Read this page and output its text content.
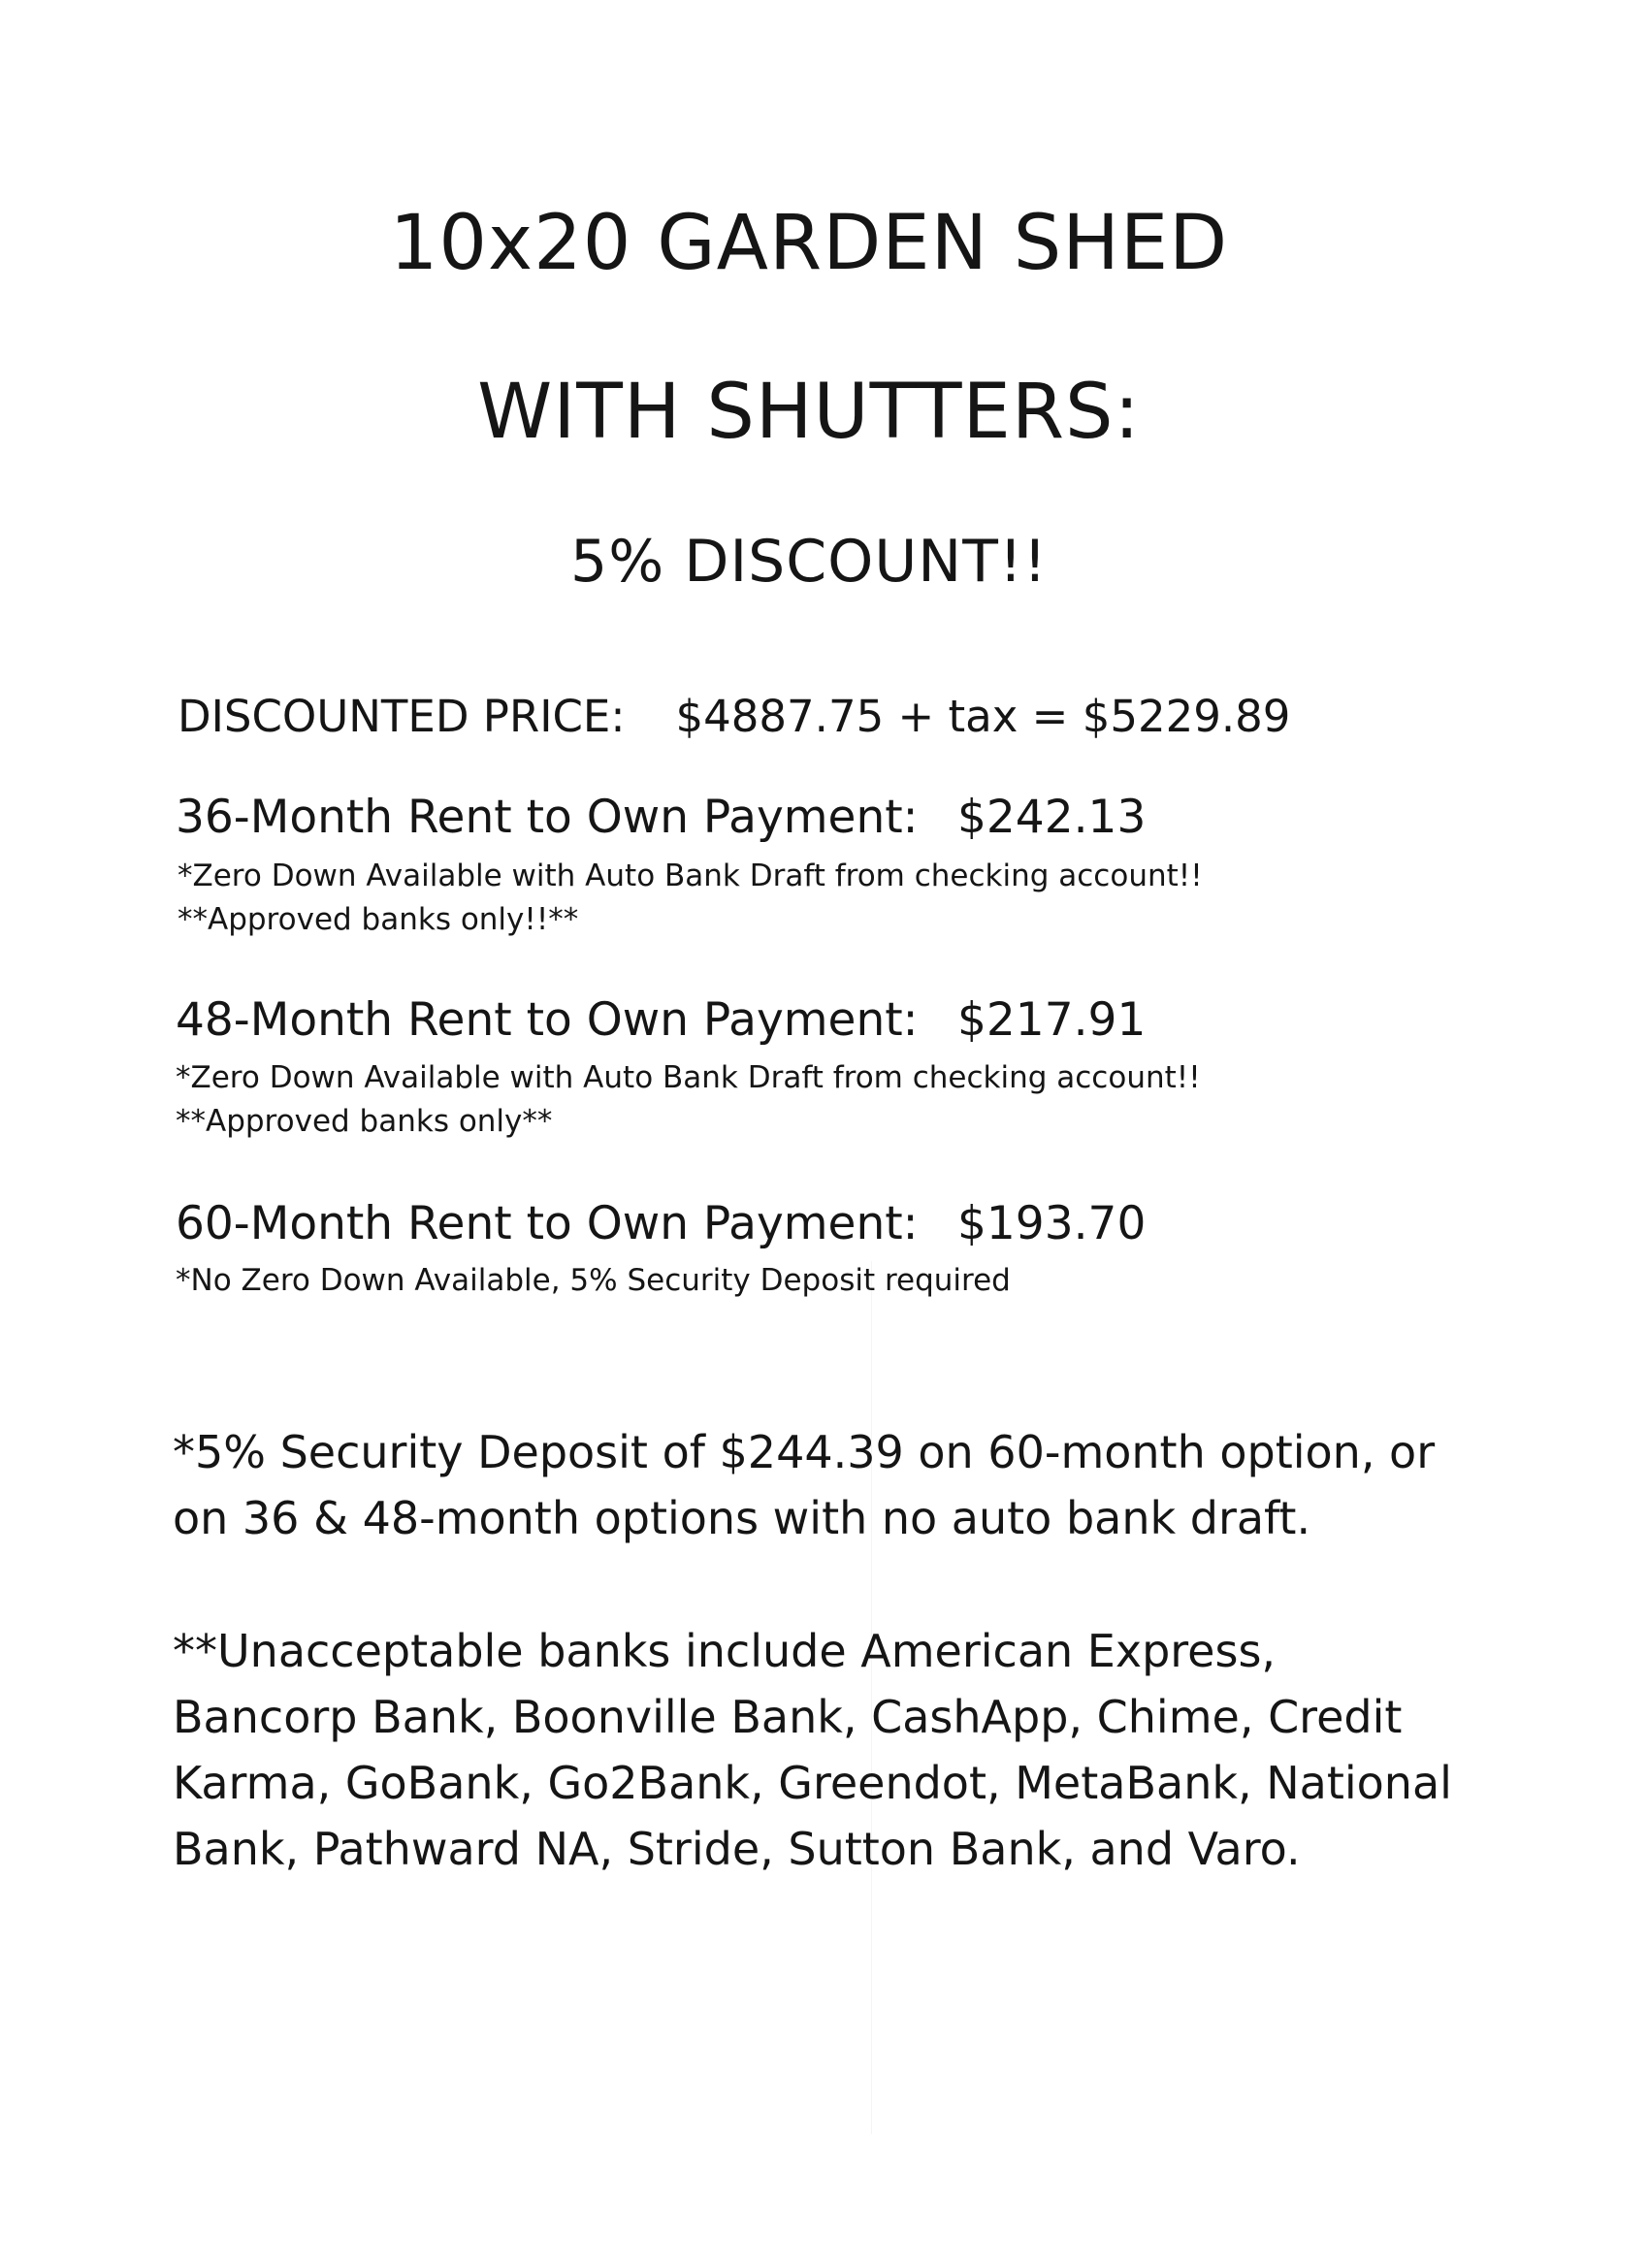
10x20 GARDEN SHED
WITH SHUTTERS:
5% DISCOUNT!!
DISCOUNTED PRICE: $4887.75 + tax = $5229.89
36-Month Rent to Own Payment: $242.13
*Zero Down Available with Auto Bank Draft from checking account!!
**Approved banks only!!**
48-Month Rent to Own Payment: $217.91
*Zero Down Available with Auto Bank Draft from checking account!!
**Approved banks only**
60-Month Rent to Own Payment: $193.70
*No Zero Down Available, 5% Security Deposit required
*5% Security Deposit of $244.39 on 60-month option, or
on 36 & 48-month options with no auto bank draft.
**Unacceptable banks include American Express,
Bancorp Bank, Boonville Bank, CashApp, Chime, Credit
Karma, GoBank, Go2Bank, Greendot, MetaBank, National
Bank, Pathward NA, Stride, Sutton Bank, and Varo.
